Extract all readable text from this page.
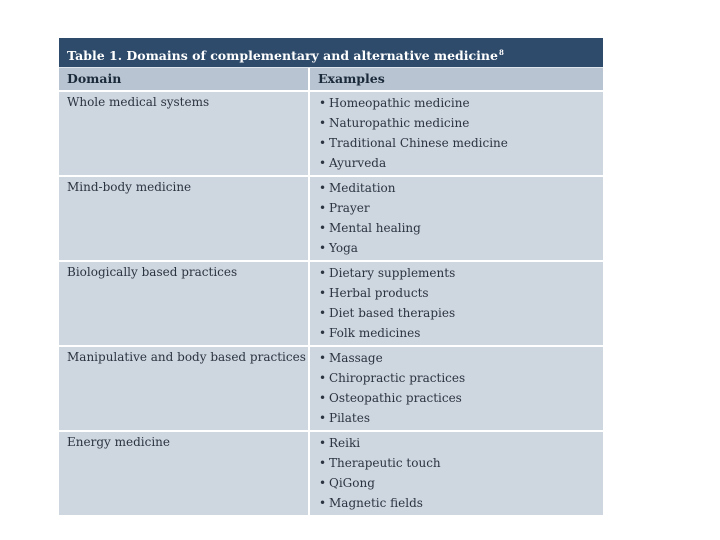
Table 1. Domains of complementary and alternative medicine$^8$
Domain	Examples
Whole medical systems	• Homeopathic medicine
• Naturopathic medicine
• Traditional Chinese medicine
• Ayurveda
Mind-body medicine	• Meditation
• Prayer
• Mental healing
• Yoga
Biologically based practices	• Dietary supplements
• Herbal products
• Diet based therapies
• Folk medicines
Manipulative and body based practices	• Massage
• Chiropractic practices
• Osteopathic practices
• Pilates
Energy medicine	• Reiki
• Therapeutic touch
• QiGong
• Magnetic fields
